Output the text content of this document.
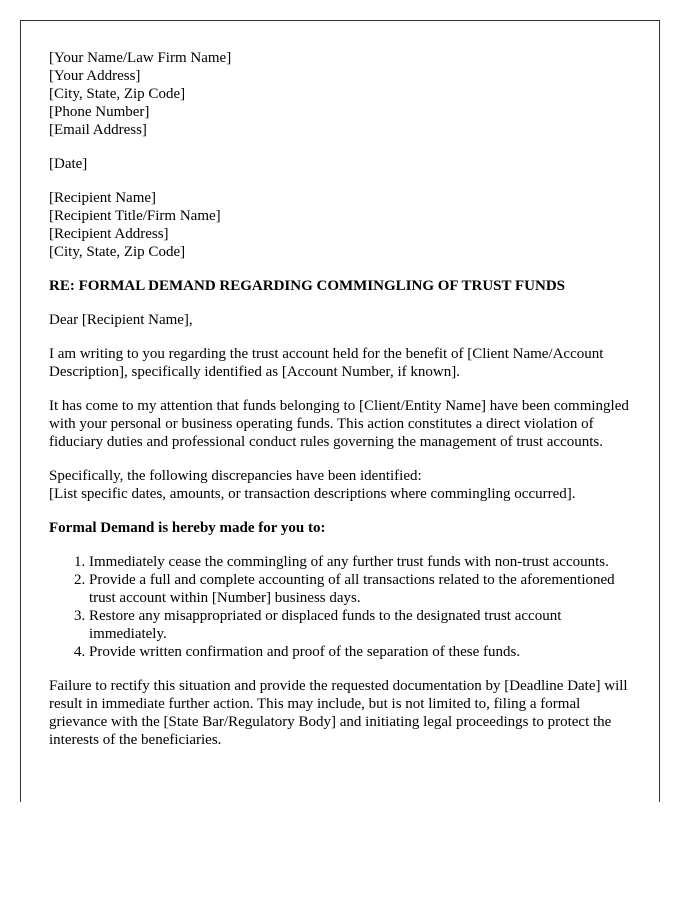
[Your Name/Law Firm Name]
[Your Address]
[City, State, Zip Code]
[Phone Number]
[Email Address]

[Date]

[Recipient Name]
[Recipient Title/Firm Name]
[Recipient Address]
[City, State, Zip Code]

RE: FORMAL DEMAND REGARDING COMMINGLING OF TRUST FUNDS

Dear [Recipient Name],

I am writing to you regarding the trust account held for the benefit of [Client Name/Account Description], specifically identified as [Account Number, if known].

It has come to my attention that funds belonging to [Client/Entity Name] have been commingled with your personal or business operating funds. This action constitutes a direct violation of fiduciary duties and professional conduct rules governing the management of trust accounts.

Specifically, the following discrepancies have been identified:
[List specific dates, amounts, or transaction descriptions where commingling occurred].

Formal Demand is hereby made for you to:
1. Immediately cease the commingling of any further trust funds with non-trust accounts.
2. Provide a full and complete accounting of all transactions related to the aforementioned trust account within [Number] business days.
3. Restore any misappropriated or displaced funds to the designated trust account immediately.
4. Provide written confirmation and proof of the separation of these funds.

Failure to rectify this situation and provide the requested documentation by [Deadline Date] will result in immediate further action. This may include, but is not limited to, filing a formal grievance with the [State Bar/Regulatory Body] and initiating legal proceedings to protect the interests of the beneficiaries.
